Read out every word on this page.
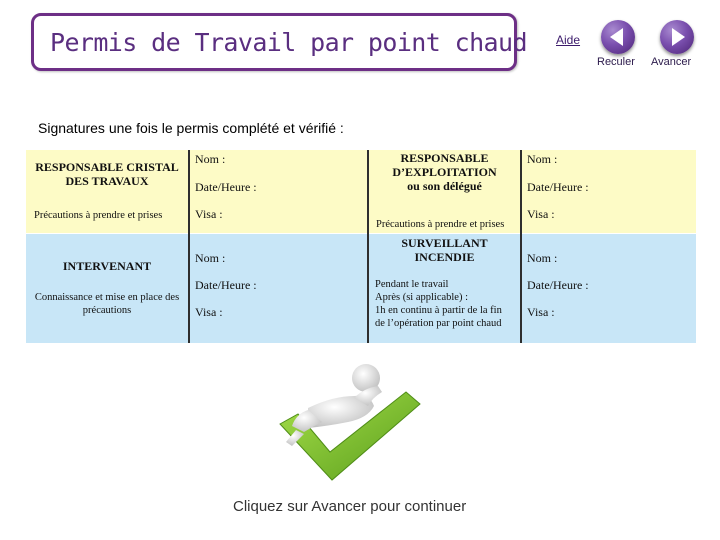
Permis de Travail par point chaud Aide
Reculer Avancer
Signatures une fois le permis complété et vérifié :
RESPONSABLE CRISTAL
DES TRAVAUX
Précautions à prendre et prises
Nom :
Date/Heure :
Visa :
RESPONSABLE
D’EXPLOITATION
ou son délégué
Précautions à prendre et prises
Nom :
Date/Heure :
Visa :
INTERVENANT
Connaissance et mise en place des
précautions
Nom :
Date/Heure :
Visa :
SURVEILLANT
INCENDIE
Pendant le travail
Après (si applicable) :
1h en continu à partir de la fin
de l’opération par point chaud
Nom :
Date/Heure :
Visa :
Cliquez sur Avancer pour continuer
